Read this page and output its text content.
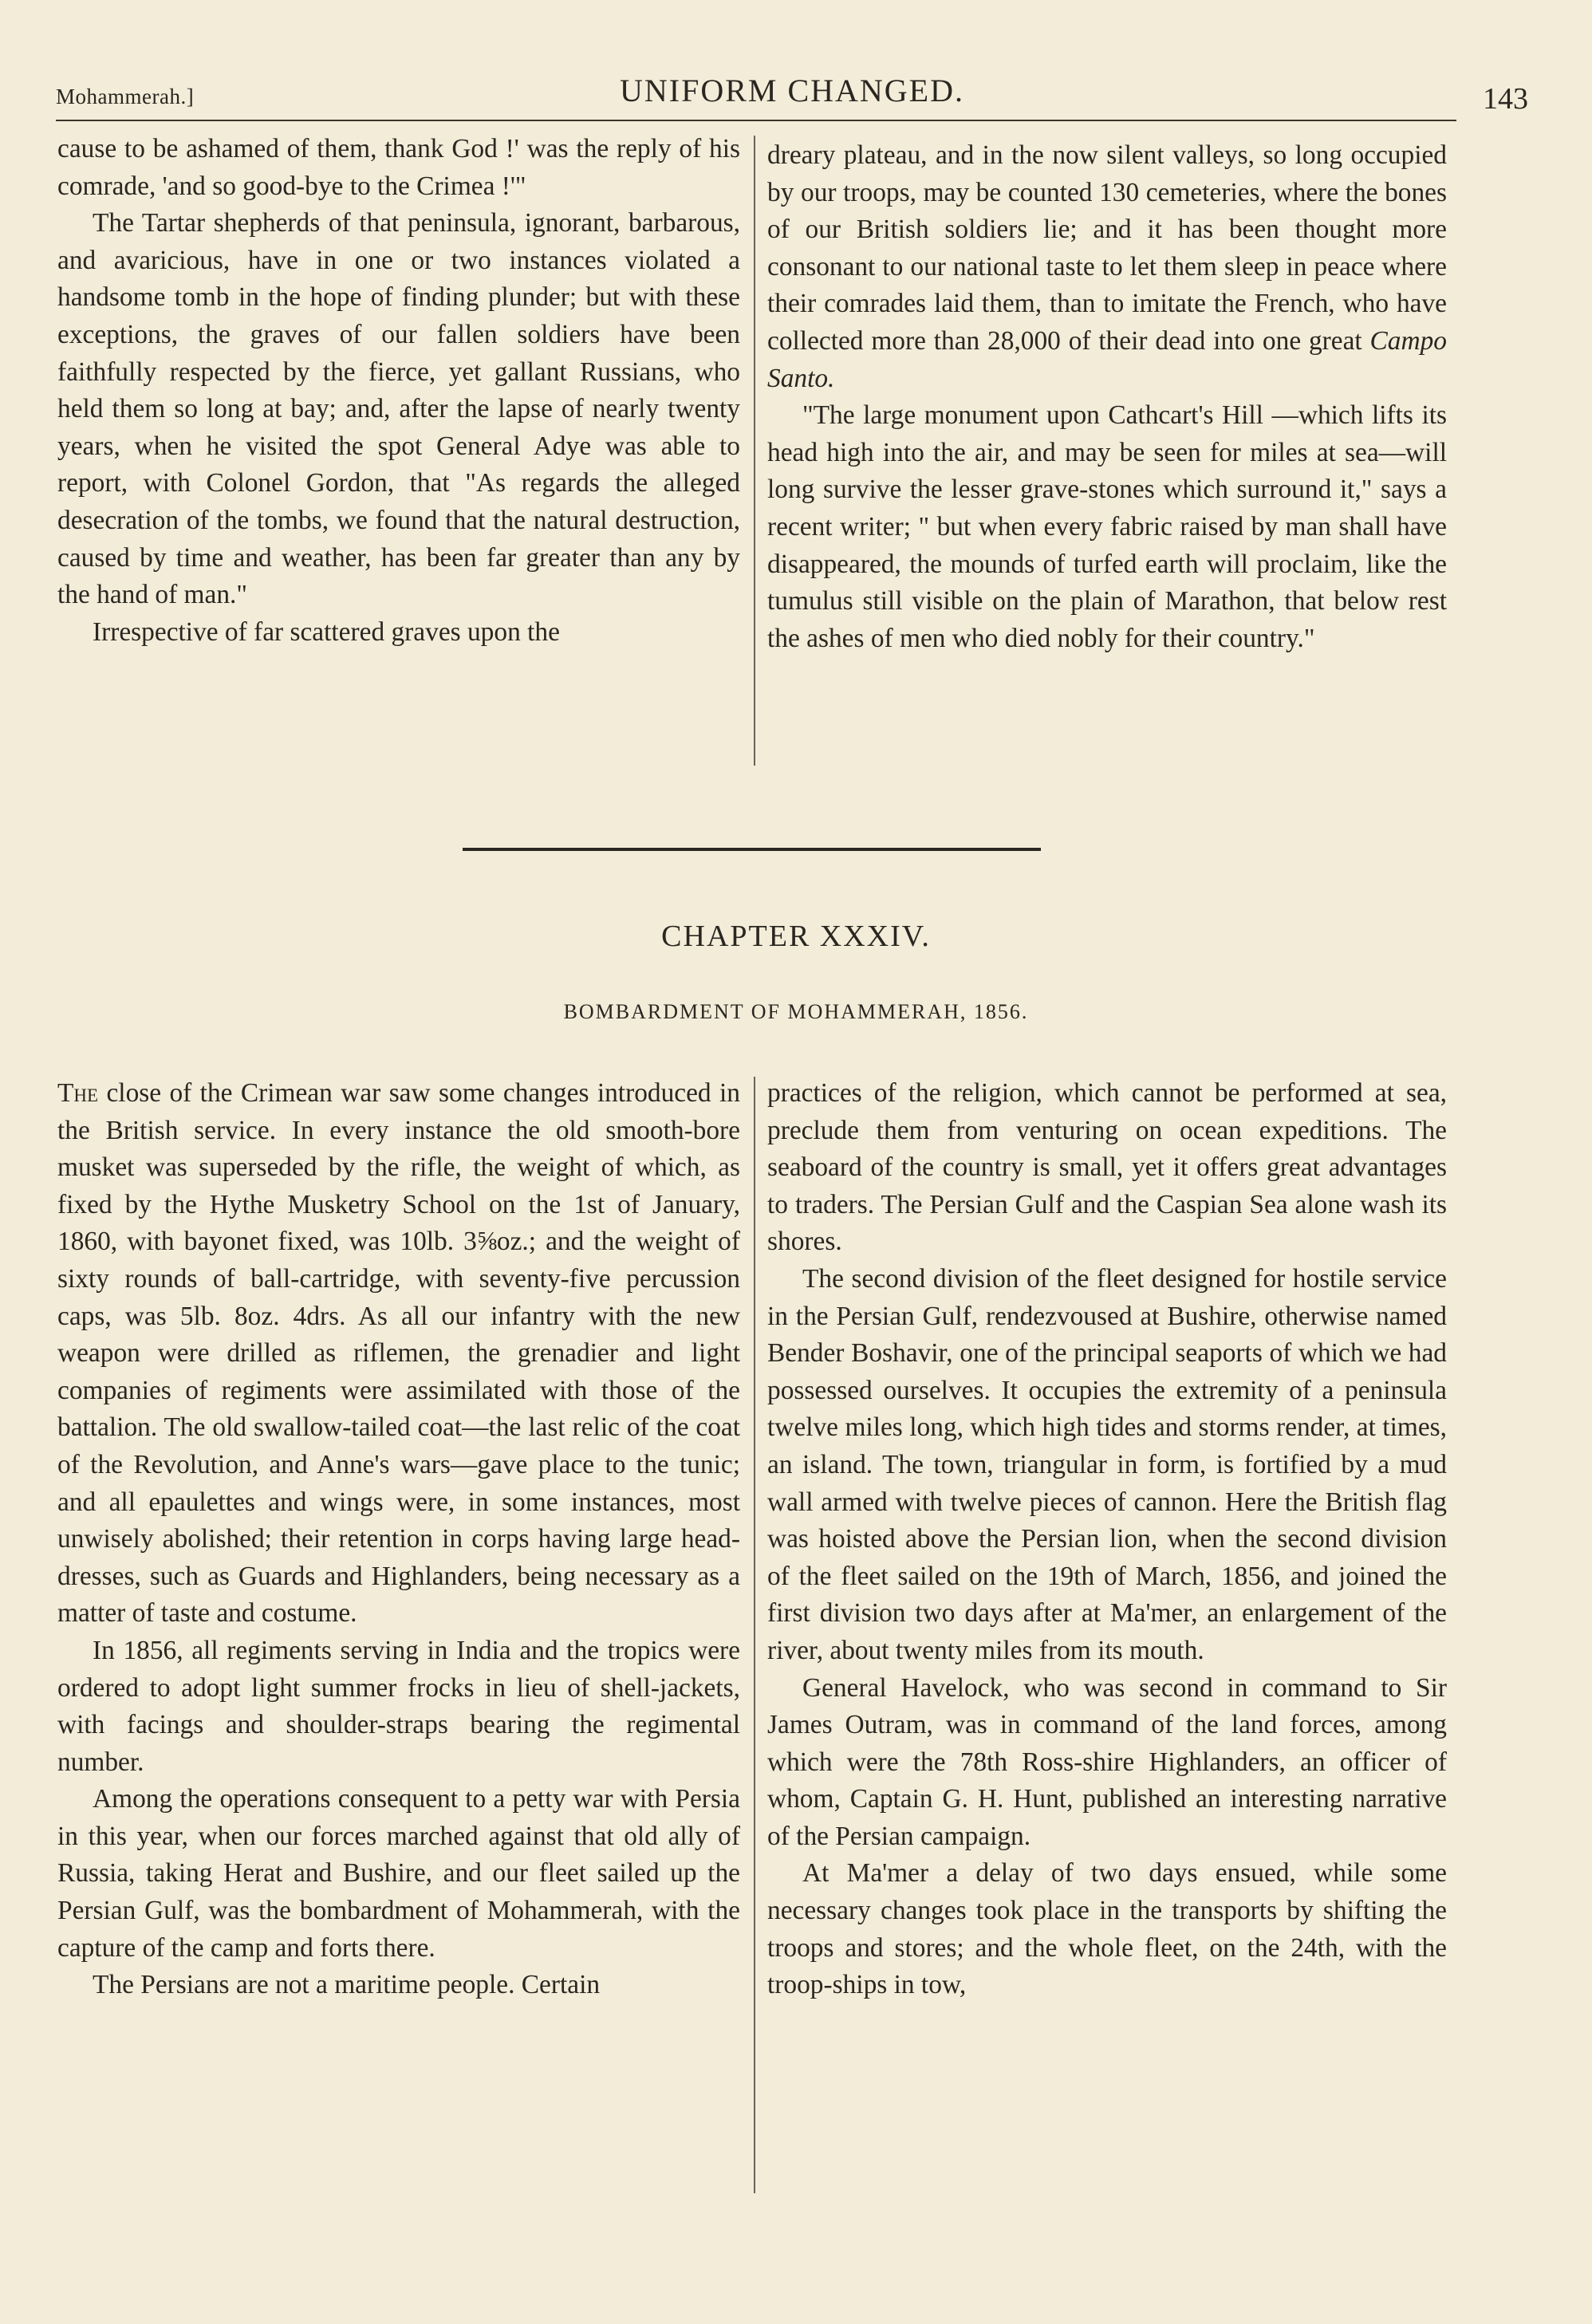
Mohammerah.]	UNIFORM CHANGED.	143

cause to be ashamed of them, thank God !' was the reply of his comrade, 'and so good-bye to the Crimea !'"

The Tartar shepherds of that peninsula, ignorant, barbarous, and avaricious, have in one or two instances violated a handsome tomb in the hope of finding plunder; but with these exceptions, the graves of our fallen soldiers have been faithfully respected by the fierce, yet gallant Russians, who held them so long at bay; and, after the lapse of nearly twenty years, when he visited the spot General Adye was able to report, with Colonel Gordon, that "As regards the alleged desecration of the tombs, we found that the natural destruction, caused by time and weather, has been far greater than any by the hand of man."

Irrespective of far scattered graves upon the

dreary plateau, and in the now silent valleys, so long occupied by our troops, may be counted 130 cemeteries, where the bones of our British soldiers lie; and it has been thought more consonant to our national taste to let them sleep in peace where their comrades laid them, than to imitate the French, who have collected more than 28,000 of their dead into one great Campo Santo.

"The large monument upon Cathcart's Hill —which lifts its head high into the air, and may be seen for miles at sea—will long survive the lesser grave-stones which surround it," says a recent writer; " but when every fabric raised by man shall have disappeared, the mounds of turfed earth will proclaim, like the tumulus still visible on the plain of Marathon, that below rest the ashes of men who died nobly for their country."

CHAPTER XXXIV.
BOMBARDMENT OF MOHAMMERAH, 1856.

The close of the Crimean war saw some changes introduced in the British service. In every instance the old smooth-bore musket was superseded by the rifle, the weight of which, as fixed by the Hythe Musketry School on the 1st of January, 1860, with bayonet fixed, was 10lb. 3⅝oz.; and the weight of sixty rounds of ball-cartridge, with seventy-five percussion caps, was 5lb. 8oz. 4drs. As all our infantry with the new weapon were drilled as riflemen, the grenadier and light companies of regiments were assimilated with those of the battalion. The old swallow-tailed coat—the last relic of the coat of the Revolution, and Anne's wars—gave place to the tunic; and all epaulettes and wings were, in some instances, most unwisely abolished; their retention in corps having large head-dresses, such as Guards and Highlanders, being necessary as a matter of taste and costume.

In 1856, all regiments serving in India and the tropics were ordered to adopt light summer frocks in lieu of shell-jackets, with facings and shoulder-straps bearing the regimental number.

Among the operations consequent to a petty war with Persia in this year, when our forces marched against that old ally of Russia, taking Herat and Bushire, and our fleet sailed up the Persian Gulf, was the bombardment of Mohammerah, with the capture of the camp and forts there.

The Persians are not a maritime people. Certain

practices of the religion, which cannot be performed at sea, preclude them from venturing on ocean expeditions. The seaboard of the country is small, yet it offers great advantages to traders. The Persian Gulf and the Caspian Sea alone wash its shores.

The second division of the fleet designed for hostile service in the Persian Gulf, rendezvoused at Bushire, otherwise named Bender Boshavir, one of the principal seaports of which we had possessed ourselves. It occupies the extremity of a peninsula twelve miles long, which high tides and storms render, at times, an island. The town, triangular in form, is fortified by a mud wall armed with twelve pieces of cannon. Here the British flag was hoisted above the Persian lion, when the second division of the fleet sailed on the 19th of March, 1856, and joined the first division two days after at Ma'mer, an enlargement of the river, about twenty miles from its mouth.

General Havelock, who was second in command to Sir James Outram, was in command of the land forces, among which were the 78th Ross-shire Highlanders, an officer of whom, Captain G. H. Hunt, published an interesting narrative of the Persian campaign.

At Ma'mer a delay of two days ensued, while some necessary changes took place in the transports by shifting the troops and stores; and the whole fleet, on the 24th, with the troop-ships in tow,
